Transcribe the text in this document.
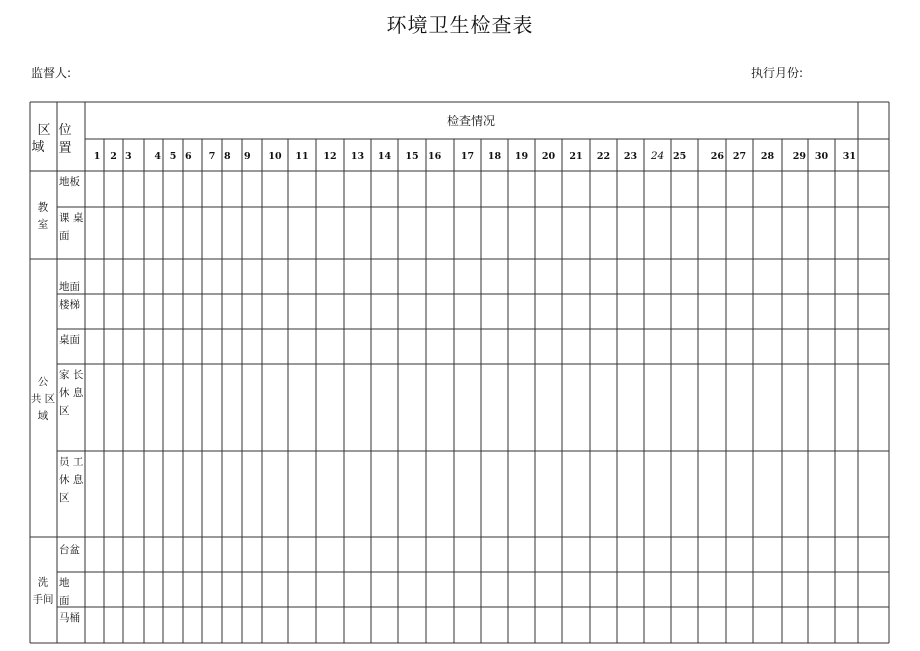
环境卫生检查表
监督人:	执行月份:
区
域
位
置
检查情况
1 2 3 4 5 6 7 8 9 10 11 12 13 14 15 16 17 18 19 20 21 22 23 24 25	26 27 28 29 30 31
教
室
公
共 区
域
洗
手间
地板
课 桌
面
地面
楼梯
桌面
家 长
休 息
区
员 工
休 息
区
台盆
地
面
马桶
